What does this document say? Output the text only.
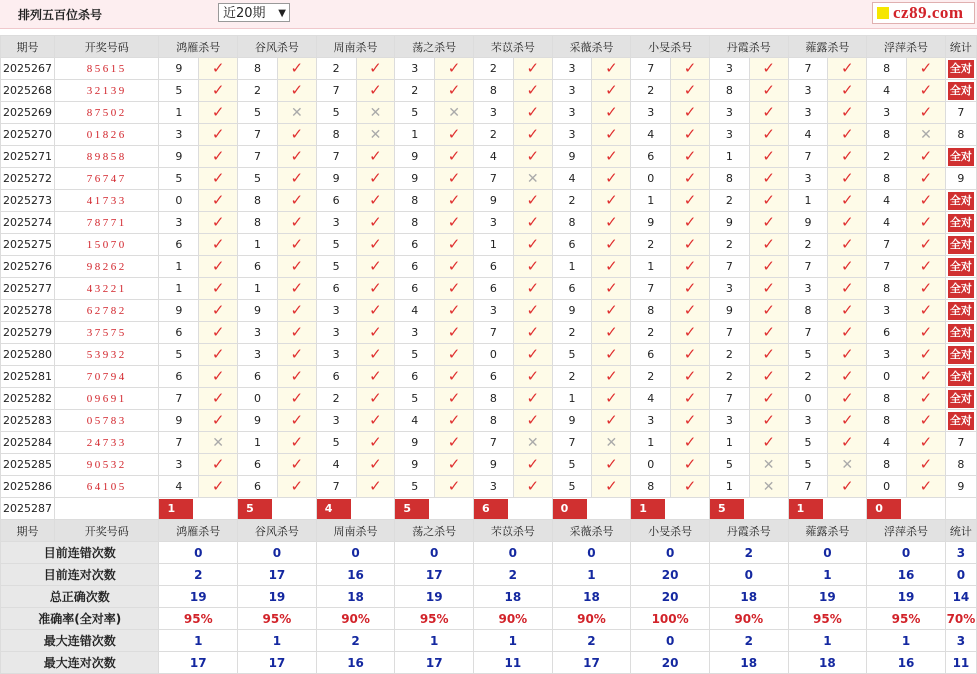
排列五百位杀号	近20期 ▼	cz89.com
期号	开奖号码	鸿雁杀号		谷风杀号		周南杀号		荡之杀号		芣苡杀号		采薇杀号		小旻杀号		丹霞杀号		蕹露杀号		浮萍杀号		统计
2025267	85615	9	✓	8	✓	2	✓	3	✓	2	✓	3	✓	7	✓	3	✓	7	✓	8	✓	全对
2025268	32139	5	✓	2	✓	7	✓	2	✓	8	✓	3	✓	2	✓	8	✓	3	✓	4	✓	全对
2025269	87502	1	✓	5	✕	5	✕	5	✕	3	✓	3	✓	3	✓	3	✓	3	✓	3	✓	7
2025270	01826	3	✓	7	✓	8	✕	1	✓	2	✓	3	✓	4	✓	3	✓	4	✓	8	✕	8
2025271	89858	9	✓	7	✓	7	✓	9	✓	4	✓	9	✓	6	✓	1	✓	7	✓	2	✓	全对
2025272	76747	5	✓	5	✓	9	✓	9	✓	7	✕	4	✓	0	✓	8	✓	3	✓	8	✓	9
2025273	41733	0	✓	8	✓	6	✓	8	✓	9	✓	2	✓	1	✓	2	✓	1	✓	4	✓	全对
2025274	78771	3	✓	8	✓	3	✓	8	✓	3	✓	8	✓	9	✓	9	✓	9	✓	4	✓	全对
2025275	15070	6	✓	1	✓	5	✓	6	✓	1	✓	6	✓	2	✓	2	✓	2	✓	7	✓	全对
2025276	98262	1	✓	6	✓	5	✓	6	✓	6	✓	1	✓	1	✓	7	✓	7	✓	7	✓	全对
2025277	43221	1	✓	1	✓	6	✓	6	✓	6	✓	6	✓	7	✓	3	✓	3	✓	8	✓	全对
2025278	62782	9	✓	9	✓	3	✓	4	✓	3	✓	9	✓	8	✓	9	✓	8	✓	3	✓	全对
2025279	37575	6	✓	3	✓	3	✓	3	✓	7	✓	2	✓	2	✓	7	✓	7	✓	6	✓	全对
2025280	53932	5	✓	3	✓	3	✓	5	✓	0	✓	5	✓	6	✓	2	✓	5	✓	3	✓	全对
2025281	70794	6	✓	6	✓	6	✓	6	✓	6	✓	2	✓	2	✓	2	✓	2	✓	0	✓	全对
2025282	09691	7	✓	0	✓	2	✓	5	✓	8	✓	1	✓	4	✓	7	✓	0	✓	8	✓	全对
2025283	05783	9	✓	9	✓	3	✓	4	✓	8	✓	9	✓	3	✓	3	✓	3	✓	8	✓	全对
2025284	24733	7	✕	1	✓	5	✓	9	✓	7	✕	7	✕	1	✓	1	✓	5	✓	4	✓	7
2025285	90532	3	✓	6	✓	4	✓	9	✓	9	✓	5	✓	0	✓	5	✕	5	✕	8	✓	8
2025286	64105	4	✓	6	✓	7	✓	5	✓	3	✓	5	✓	8	✓	1	✕	7	✓	0	✓	9
2025287	当前期杀号	1		5		4		5		6		0		1		5		1		0		

期号	开奖号码	鸿雁杀号		谷风杀号		周南杀号		荡之杀号		芣苡杀号		采薇杀号		小旻杀号		丹霞杀号		蕹露杀号		浮萍杀号		统计
目前连错次数		0		0		0		0		0		0		0		2		0		0		3
目前连对次数		2		17		16		17		2		1		20		0		1		16		0
总正确次数		19		19		18		19		18		18		20		18		19		19		14
准确率(全对率)		95%		95%		90%		95%		90%		90%		100%		90%		95%		95%		70%
最大连错次数		1		1		2		1		1		2		0		2		1		1		3
最大连对次数		17		17		16		17		11		17		20		18		18		16		11
